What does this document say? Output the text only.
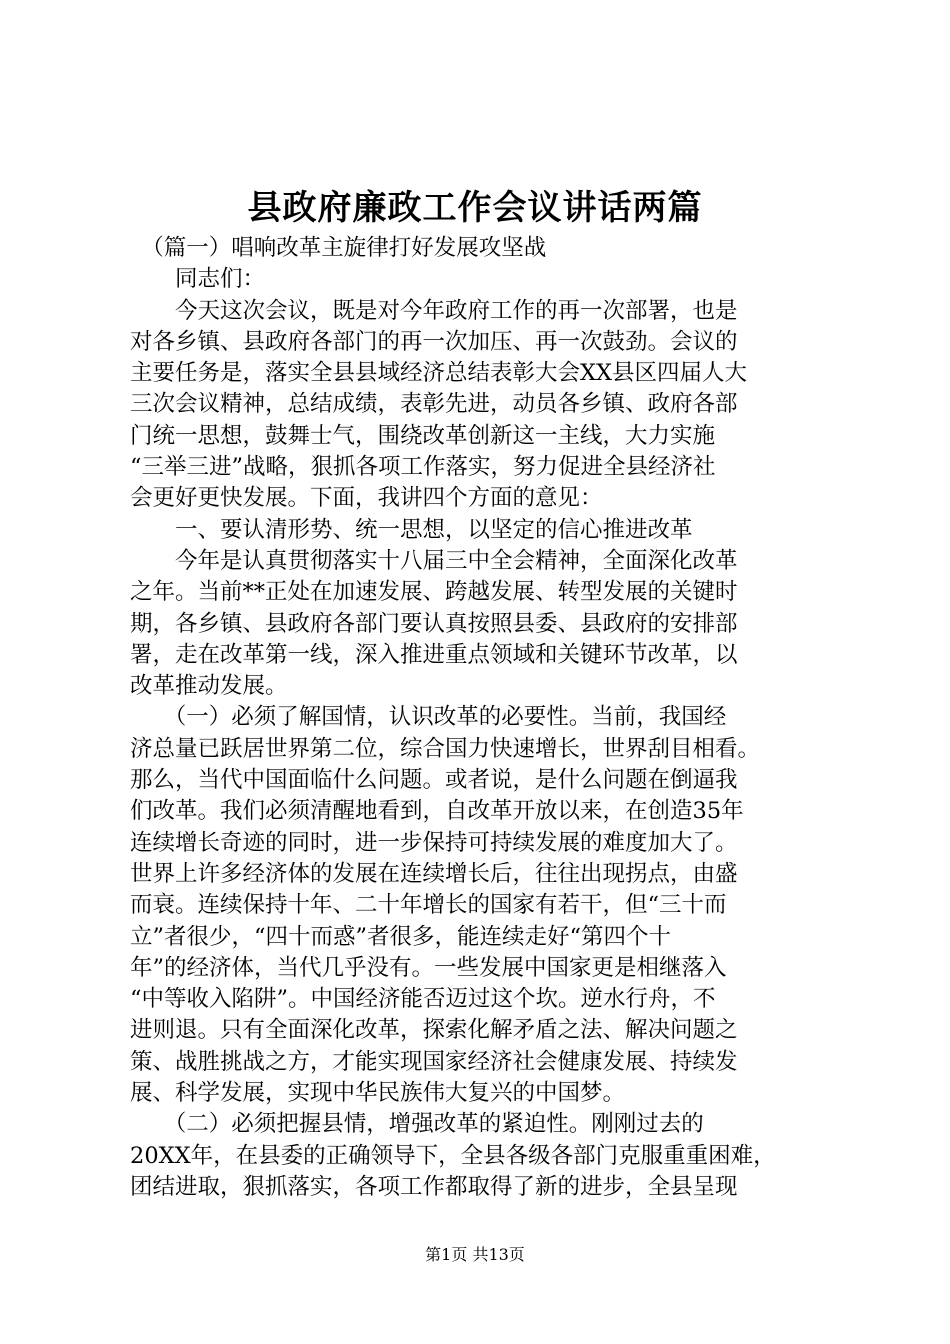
县政府廉政工作会议讲话两篇
　（篇一）唱响改革主旋律打好发展攻坚战
　　同志们：
　　今天这次会议，既是对今年政府工作的再一次部署，也是
对各乡镇、县政府各部门的再一次加压、再一次鼓劲。会议的
主要任务是，落实全县县域经济总结表彰大会XX县区四届人大
三次会议精神，总结成绩，表彰先进，动员各乡镇、政府各部
门统一思想，鼓舞士气，围绕改革创新这一主线，大力实施
“三举三进”战略，狠抓各项工作落实，努力促进全县经济社
会更好更快发展。下面，我讲四个方面的意见：
　　一、要认清形势、统一思想，以坚定的信心推进改革
　　今年是认真贯彻落实十八届三中全会精神，全面深化改革
之年。当前**正处在加速发展、跨越发展、转型发展的关键时
期，各乡镇、县政府各部门要认真按照县委、县政府的安排部
署，走在改革第一线，深入推进重点领域和关键环节改革，以
改革推动发展。
　　（一）必须了解国情，认识改革的必要性。当前，我国经
济总量已跃居世界第二位，综合国力快速增长，世界刮目相看。
那么，当代中国面临什么问题。或者说，是什么问题在倒逼我
们改革。我们必须清醒地看到，自改革开放以来，在创造35年
连续增长奇迹的同时，进一步保持可持续发展的难度加大了。
世界上许多经济体的发展在连续增长后，往往出现拐点，由盛
而衰。连续保持十年、二十年增长的国家有若干，但“三十而
立”者很少，“四十而惑”者很多，能连续走好“第四个十
年”的经济体，当代几乎没有。一些发展中国家更是相继落入
“中等收入陷阱”。中国经济能否迈过这个坎。逆水行舟，不
进则退。只有全面深化改革，探索化解矛盾之法、解决问题之
策、战胜挑战之方，才能实现国家经济社会健康发展、持续发
展、科学发展，实现中华民族伟大复兴的中国梦。
　　（二）必须把握县情，增强改革的紧迫性。刚刚过去的
20XX年，在县委的正确领导下，全县各级各部门克服重重困难，
团结进取，狠抓落实，各项工作都取得了新的进步，全县呈现
第1页 共13页
